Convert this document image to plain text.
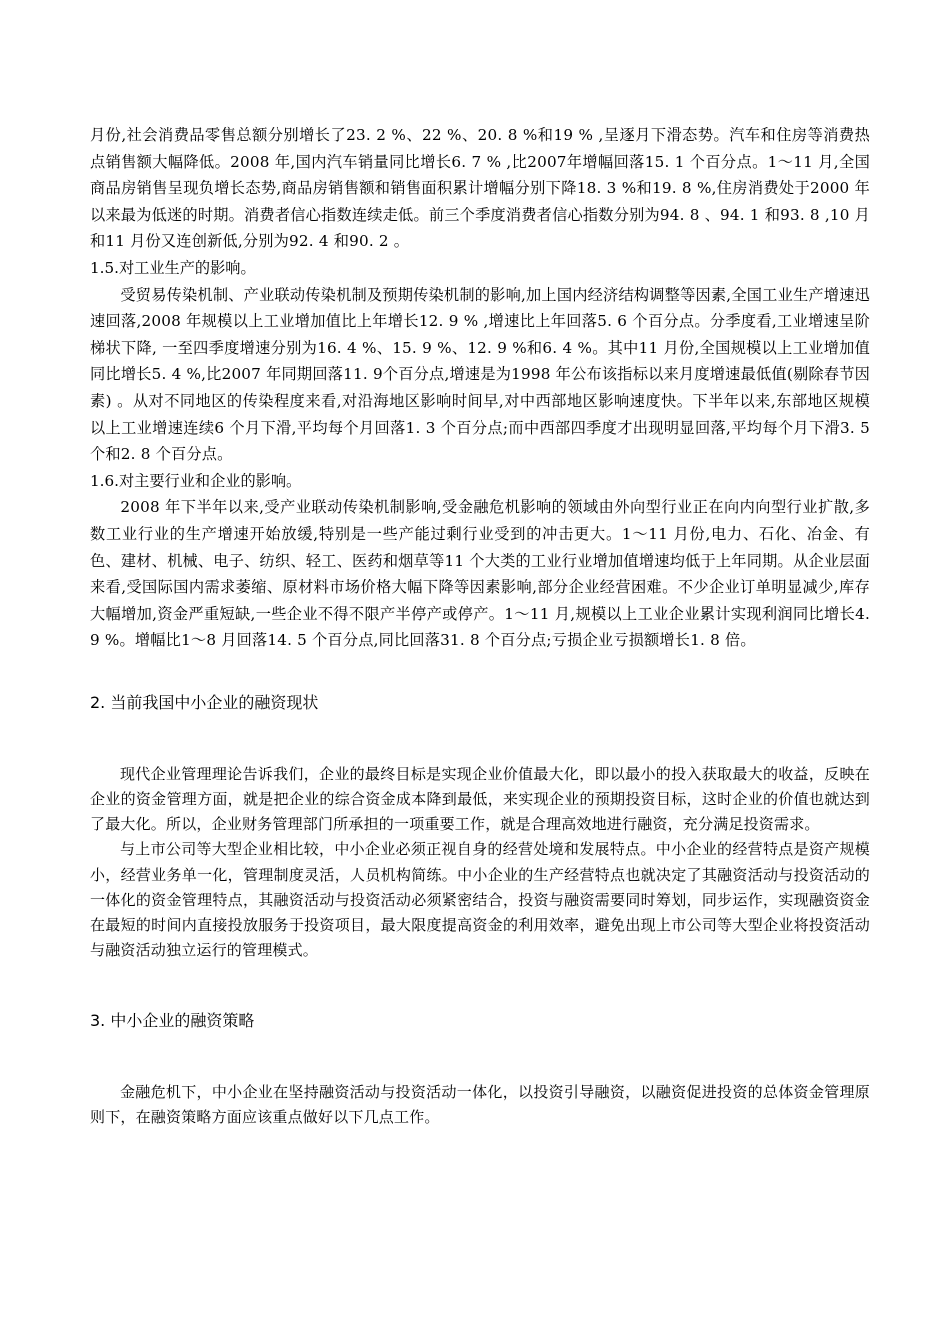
月份,社会消费品零售总额分别增长了23. 2 %、22 %、20. 8 %和19 % ,呈逐月下滑态势。汽车和住房等消费热点销售额大幅降低。2008 年,国内汽车销量同比增长6. 7 % ,比2007年增幅回落15. 1 个百分点。1～11 月,全国商品房销售呈现负增长态势,商品房销售额和销售面积累计增幅分别下降18. 3 %和19. 8 %,住房消费处于2000 年以来最为低迷的时期。消费者信心指数连续走低。前三个季度消费者信心指数分别为94. 8 、94. 1 和93. 8 ,10 月和11 月份又连创新低,分别为92. 4 和90. 2 。

1.5.对工业生产的影响。

受贸易传染机制、产业联动传染机制及预期传染机制的影响,加上国内经济结构调整等因素,全国工业生产增速迅速回落,2008 年规模以上工业增加值比上年增长12. 9 % ,增速比上年回落5. 6 个百分点。分季度看,工业增速呈阶梯状下降, 一至四季度增速分别为16. 4 %、15. 9 %、12. 9 %和6. 4 %。其中11 月份,全国规模以上工业增加值同比增长5. 4 %,比2007 年同期回落11. 9个百分点,增速是为1998 年公布该指标以来月度增速最低值(剔除春节因素) 。从对不同地区的传染程度来看,对沿海地区影响时间早,对中西部地区影响速度快。下半年以来,东部地区规模以上工业增速连续6 个月下滑,平均每个月回落1. 3 个百分点;而中西部四季度才出现明显回落,平均每个月下滑3. 5个和2. 8 个百分点。

1.6.对主要行业和企业的影响。

2008 年下半年以来,受产业联动传染机制影响,受金融危机影响的领域由外向型行业正在向内向型行业扩散,多数工业行业的生产增速开始放缓,特别是一些产能过剩行业受到的冲击更大。1～11 月份,电力、石化、冶金、有色、建材、机械、电子、纺织、轻工、医药和烟草等11 个大类的工业行业增加值增速均低于上年同期。从企业层面来看,受国际国内需求萎缩、原材料市场价格大幅下降等因素影响,部分企业经营困难。不少企业订单明显减少,库存大幅增加,资金严重短缺,一些企业不得不限产半停产或停产。1～11 月,规模以上工业企业累计实现利润同比增长4. 9 %。增幅比1～8 月回落14. 5 个百分点,同比回落31. 8 个百分点;亏损企业亏损额增长1. 8 倍。

2. 当前我国中小企业的融资现状

现代企业管理理论告诉我们，企业的最终目标是实现企业价值最大化，即以最小的投入获取最大的收益，反映在企业的资金管理方面，就是把企业的综合资金成本降到最低，来实现企业的预期投资目标，这时企业的价值也就达到了最大化。所以，企业财务管理部门所承担的一项重要工作，就是合理高效地进行融资，充分满足投资需求。

与上市公司等大型企业相比较，中小企业必须正视自身的经营处境和发展特点。中小企业的经营特点是资产规模小，经营业务单一化，管理制度灵活，人员机构简练。中小企业的生产经营特点也就决定了其融资活动与投资活动的一体化的资金管理特点，其融资活动与投资活动必须紧密结合，投资与融资需要同时筹划，同步运作，实现融资资金在最短的时间内直接投放服务于投资项目，最大限度提高资金的利用效率，避免出现上市公司等大型企业将投资活动与融资活动独立运行的管理模式。

3. 中小企业的融资策略

金融危机下，中小企业在坚持融资活动与投资活动一体化，以投资引导融资，以融资促进投资的总体资金管理原则下，在融资策略方面应该重点做好以下几点工作。
